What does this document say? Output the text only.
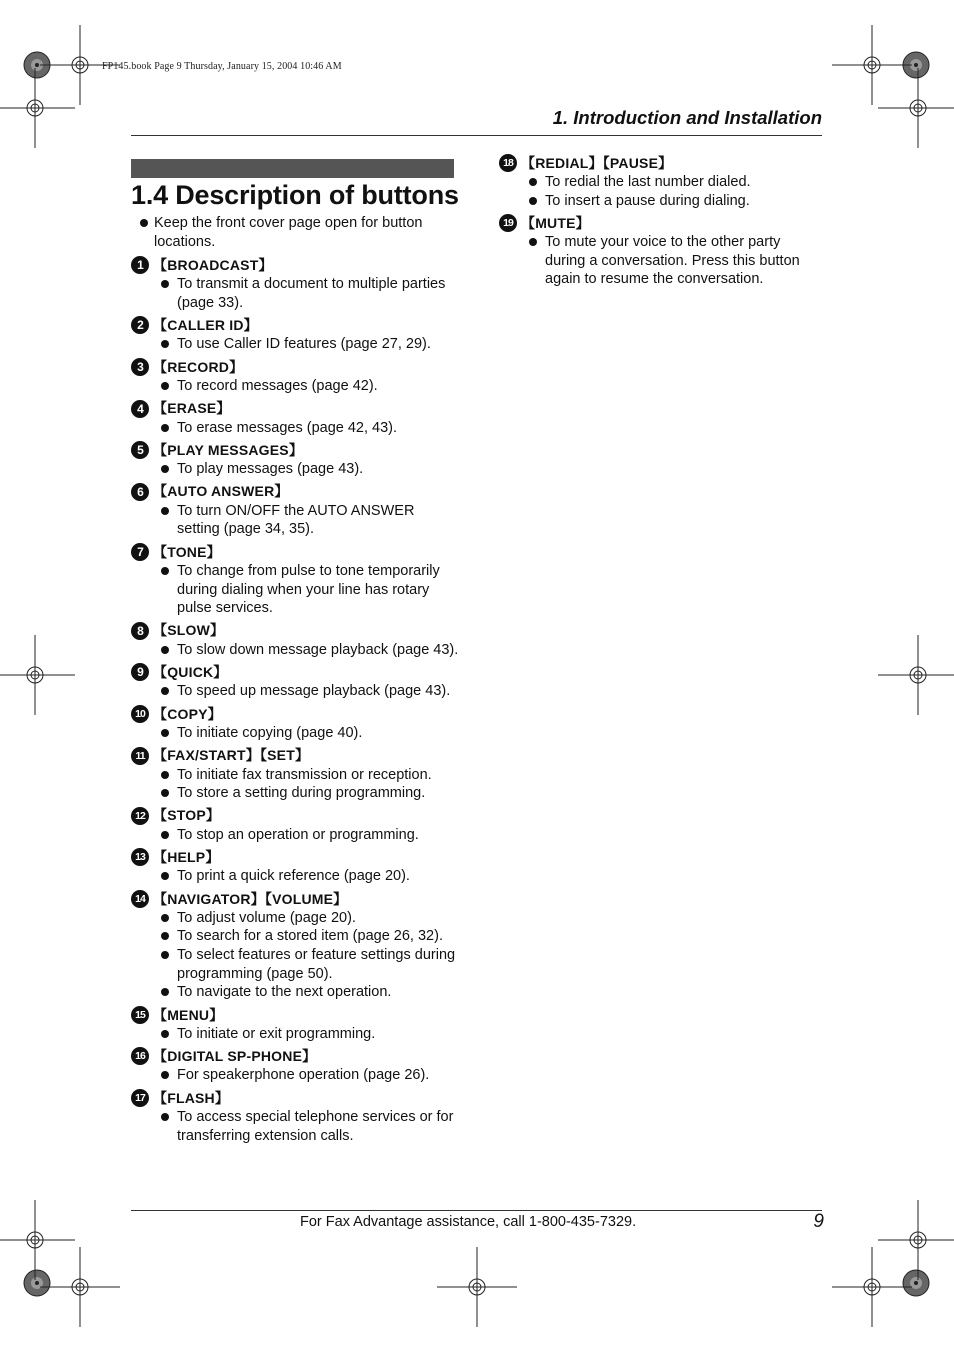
FP145.book Page 9 Thursday, January 15, 2004 10:46 AM
1. Introduction and Installation
1.4 Description of buttons
Keep the front cover page open for button locations.
1 【BROADCAST】
To transmit a document to multiple parties (page 33).
2 【CALLER ID】
To use Caller ID features (page 27, 29).
3 【RECORD】
To record messages (page 42).
4 【ERASE】
To erase messages (page 42, 43).
5 【PLAY MESSAGES】
To play messages (page 43).
6 【AUTO ANSWER】
To turn ON/OFF the AUTO ANSWER setting (page 34, 35).
7 【TONE】
To change from pulse to tone temporarily during dialing when your line has rotary pulse services.
8 【SLOW】
To slow down message playback (page 43).
9 【QUICK】
To speed up message playback (page 43).
10 【COPY】
To initiate copying (page 40).
11 【FAX/START】【SET】
To initiate fax transmission or reception.
To store a setting during programming.
12 【STOP】
To stop an operation or programming.
13 【HELP】
To print a quick reference (page 20).
14 【NAVIGATOR】【VOLUME】
To adjust volume (page 20).
To search for a stored item (page 26, 32).
To select features or feature settings during programming (page 50).
To navigate to the next operation.
15 【MENU】
To initiate or exit programming.
16 【DIGITAL SP-PHONE】
For speakerphone operation (page 26).
17 【FLASH】
To access special telephone services or for transferring extension calls.
18 【REDIAL】【PAUSE】
To redial the last number dialed.
To insert a pause during dialing.
19 【MUTE】
To mute your voice to the other party during a conversation. Press this button again to resume the conversation.
For Fax Advantage assistance, call 1-800-435-7329.	9
